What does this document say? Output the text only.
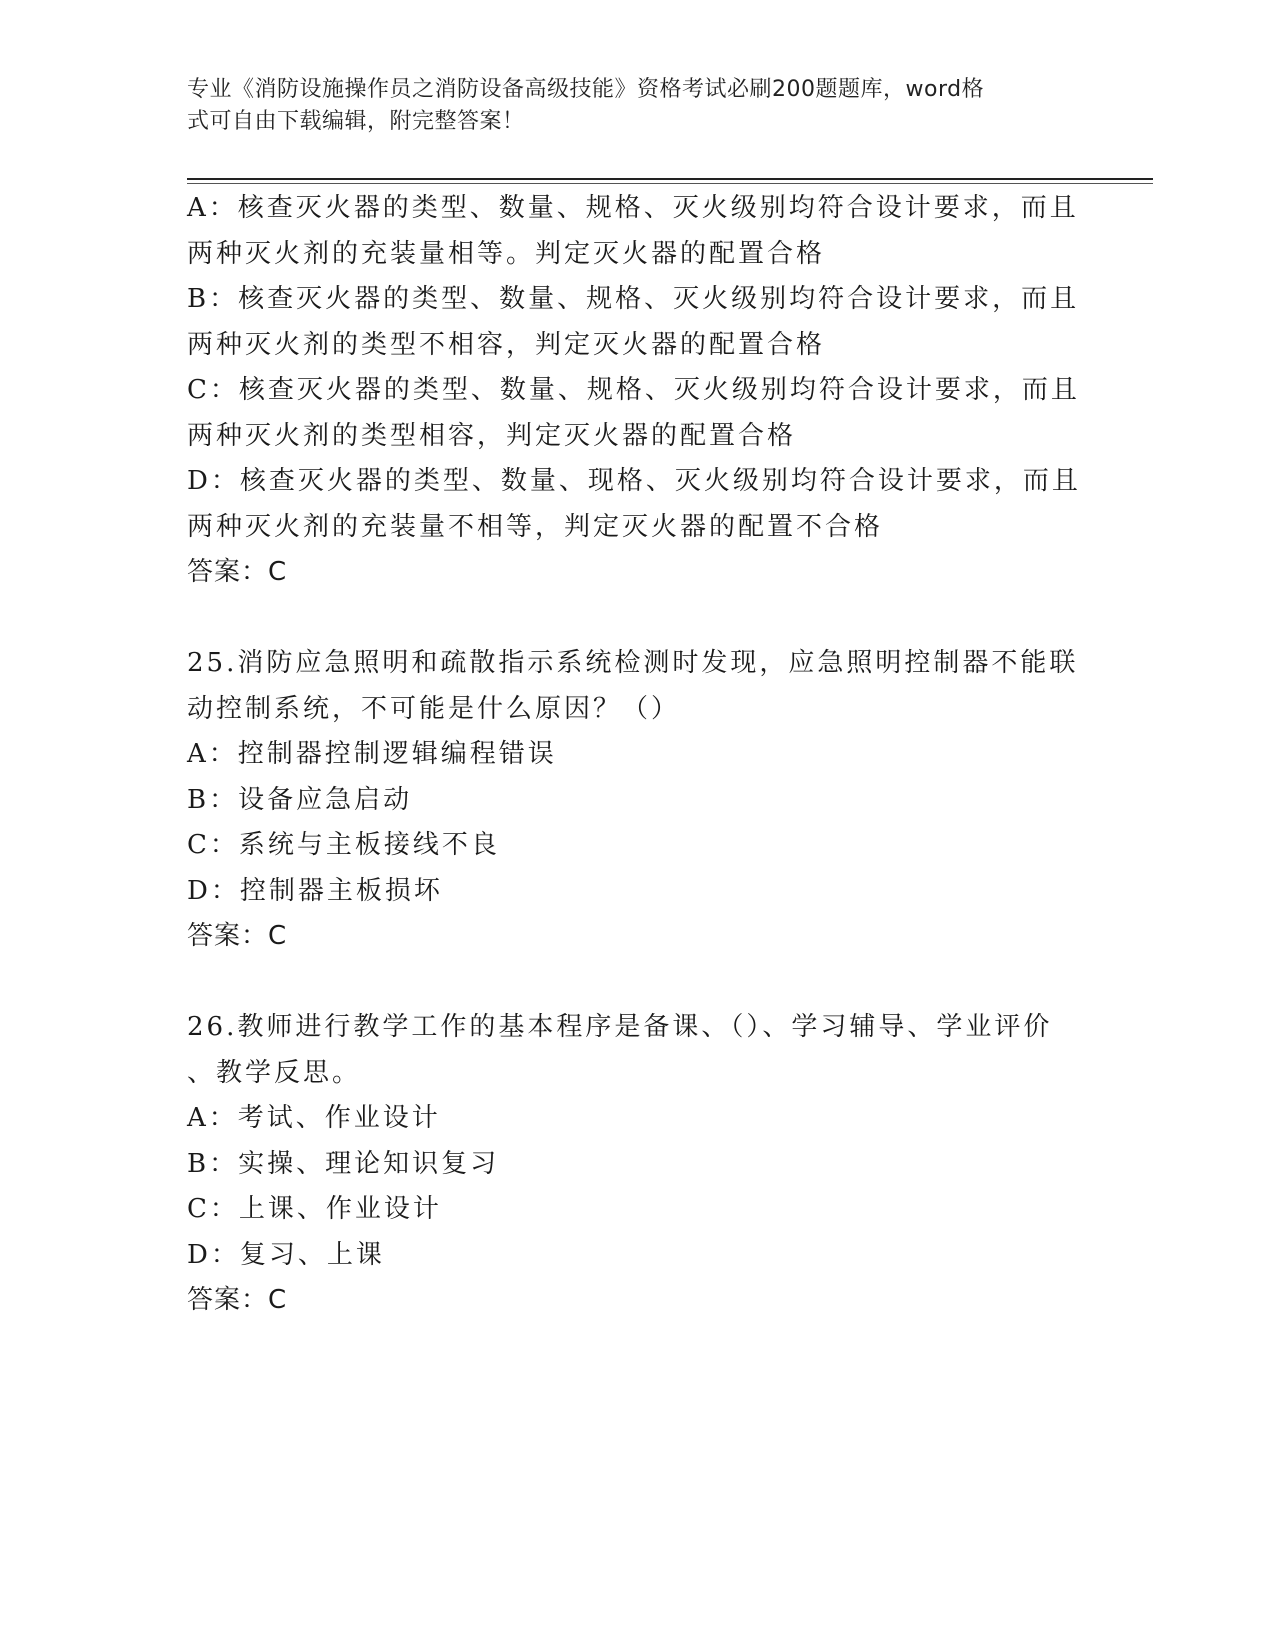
专业《消防设施操作员之消防设备高级技能》资格考试必刷200题题库，word格
式可自由下载编辑，附完整答案！
A：核查灭火器的类型、数量、规格、灭火级别均符合设计要求，而且
两种灭火剂的充装量相等。判定灭火器的配置合格
B：核查灭火器的类型、数量、规格、灭火级别均符合设计要求，而且
两种灭火剂的类型不相容，判定灭火器的配置合格
C：核查灭火器的类型、数量、规格、灭火级别均符合设计要求，而且
两种灭火剂的类型相容，判定灭火器的配置合格
D：核查灭火器的类型、数量、现格、灭火级别均符合设计要求，而且
两种灭火剂的充装量不相等，判定灭火器的配置不合格
答案：C
25.消防应急照明和疏散指示系统检测时发现，应急照明控制器不能联
动控制系统，不可能是什么原因？（）
A：控制器控制逻辑编程错误
B：设备应急启动
C：系统与主板接线不良
D：控制器主板损坏
答案：C
26.教师进行教学工作的基本程序是备课、（）、学习辅导、学业评价
、教学反思。
A：考试、作业设计
B：实操、理论知识复习
C：上课、作业设计
D：复习、上课
答案：C
